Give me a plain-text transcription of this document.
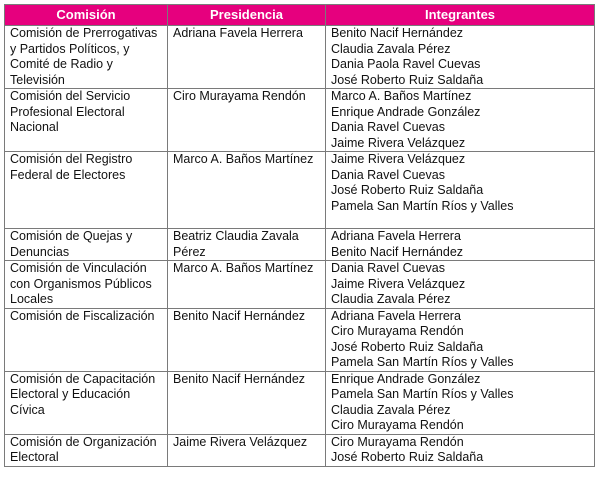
Comisión	Presidencia	Integrantes
Comisión de Prerrogativas y Partidos Políticos, y Comité de Radio y Televisión	Adriana Favela Herrera	Benito Nacif Hernández
Claudia Zavala Pérez
Dania Paola Ravel Cuevas
José Roberto Ruiz Saldaña

Comisión del Servicio Profesional Electoral Nacional	Ciro Murayama Rendón	Marco A. Baños Martínez
Enrique Andrade González
Dania Ravel Cuevas
Jaime Rivera Velázquez

Comisión del Registro Federal de Electores	Marco A. Baños Martínez	Jaime Rivera Velázquez
Dania Ravel Cuevas
José Roberto Ruiz Saldaña
Pamela San Martín Ríos y Valles

Comisión de Quejas y Denuncias	Beatriz Claudia Zavala Pérez	Adriana Favela Herrera
Benito Nacif Hernández

Comisión de Vinculación con Organismos Públicos Locales	Marco A. Baños Martínez	Dania Ravel Cuevas
Jaime Rivera Velázquez
Claudia Zavala Pérez

Comisión de Fiscalización	Benito Nacif Hernández	Adriana Favela Herrera
Ciro Murayama Rendón
José Roberto Ruiz Saldaña
Pamela San Martín Ríos y Valles

Comisión de Capacitación Electoral y Educación Cívica	Benito Nacif Hernández	Enrique Andrade González
Pamela San Martín Ríos y Valles
Claudia Zavala Pérez
Ciro Murayama Rendón

Comisión de Organización Electoral	Jaime Rivera Velázquez	Ciro Murayama Rendón
José Roberto Ruiz Saldaña
